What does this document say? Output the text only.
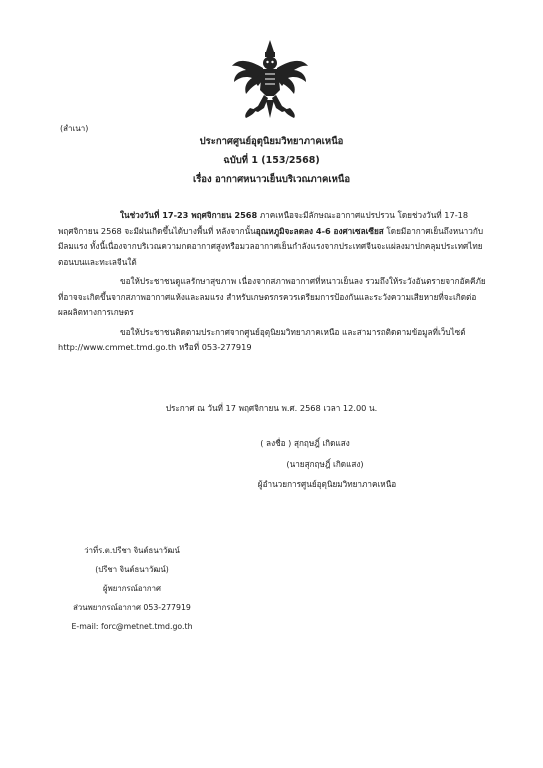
(สำเนา)
ประกาศศูนย์อุตุนิยมวิทยาภาคเหนือ
ฉบับที่ 1 (153/2568)
เรื่อง อากาศหนาวเย็นบริเวณภาคเหนือ

ในช่วงวันที่ 17-23 พฤศจิกายน 2568 ภาคเหนือจะมีลักษณะอากาศแปรปรวน โดยช่วงวันที่ 17-18 พฤศจิกายน 2568 จะมีฝนเกิดขึ้นได้บางพื้นที่ หลังจากนั้นอุณหภูมิจะลดลง 4-6 องศาเซลเซียส โดยมีอากาศเย็นถึงหนาวกับมีลมแรง ทั้งนี้เนื่องจากบริเวณความกดอากาศสูงหรือมวลอากาศเย็นกำลังแรงจากประเทศจีนจะแผ่ลงมาปกคลุมประเทศไทยตอนบนและทะเลจีนใต้

ขอให้ประชาชนดูแลรักษาสุขภาพ เนื่องจากสภาพอากาศที่หนาวเย็นลง รวมถึงให้ระวังอันตรายจากอัคคีภัยที่อาจจะเกิดขึ้นจากสภาพอากาศแห้งและลมแรง สำหรับเกษตรกรควรเตรียมการป้องกันและระวังความเสียหายที่จะเกิดต่อผลผลิตทางการเกษตร

ขอให้ประชาชนติดตามประกาศจากศูนย์อุตุนิยมวิทยาภาคเหนือ และสามารถติดตามข้อมูลที่เว็บไซต์ http://www.cmmet.tmd.go.th หรือที่ 053-277919

ประกาศ ณ วันที่ 17 พฤศจิกายน พ.ศ. 2568 เวลา 12.00 น.
( ลงชื่อ ) สุกฤษฎิ์ เกิดแสง
(นายสุกฤษฎิ์ เกิดแสง)
ผู้อำนวยการศูนย์อุตุนิยมวิทยาภาคเหนือ
ว่าที่ร.ต.ปรีชา จินต์ธนาวัฒน์
(ปรีชา จินต์ธนาวัฒน์)
ผู้พยากรณ์อากาศ
ส่วนพยากรณ์อากาศ 053-277919
E-mail: forc@metnet.tmd.go.th
